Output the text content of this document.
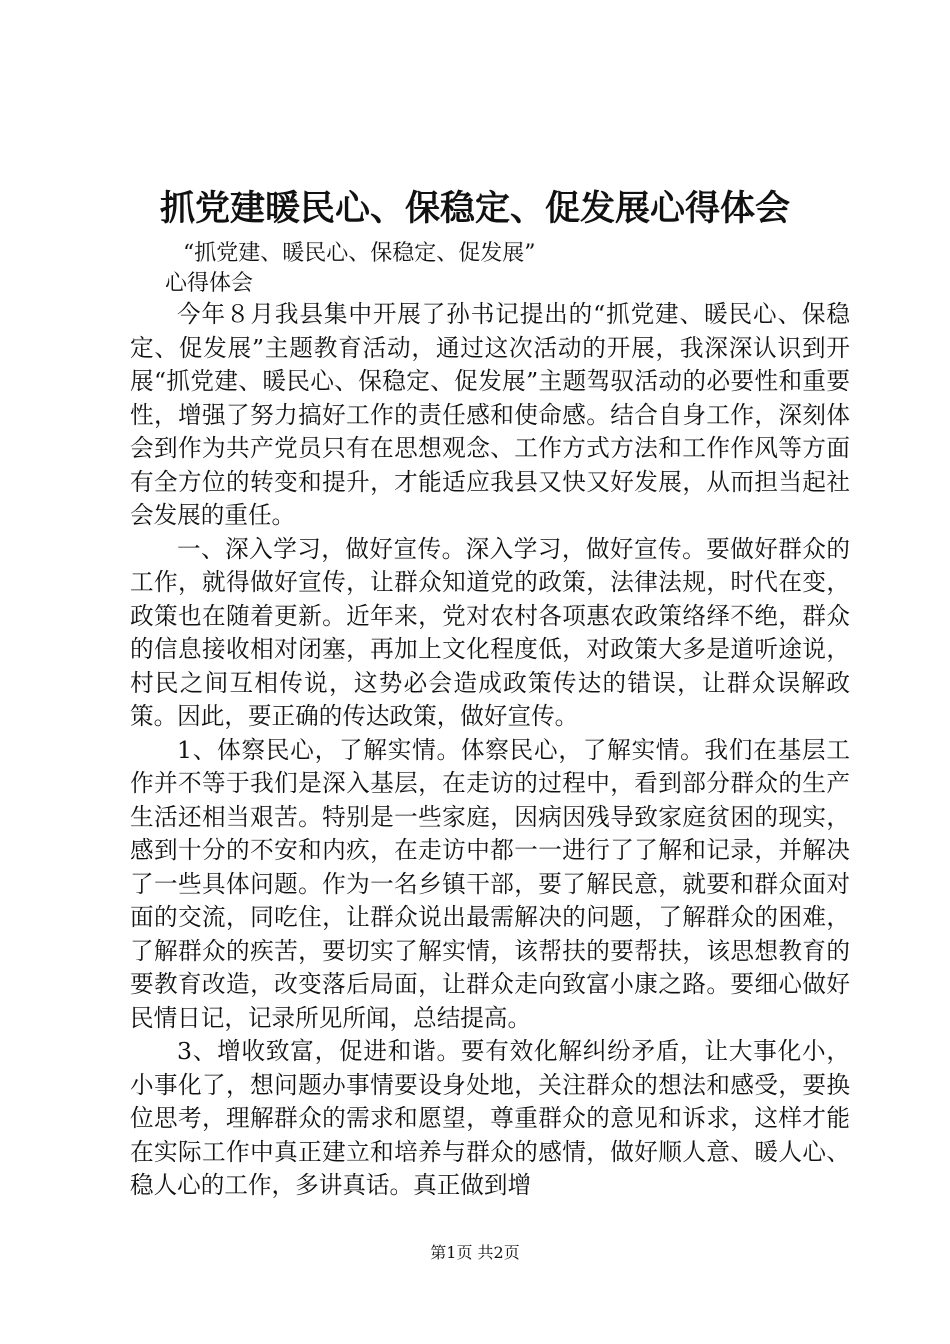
抓党建暖民心、保稳定、促发展心得体会
“抓党建、暖民心、保稳定、促发展”
心得体会

今年８月我县集中开展了孙书记提出的“抓党建、暖民心、保稳定、促发展”主题教育活动，通过这次活动的开展，我深深认识到开展“抓党建、暖民心、保稳定、促发展”主题驾驭活动的必要性和重要性，增强了努力搞好工作的责任感和使命感。结合自身工作，深刻体会到作为共产党员只有在思想观念、工作方式方法和工作作风等方面有全方位的转变和提升，才能适应我县又快又好发展，从而担当起社会发展的重任。

一、深入学习，做好宣传。深入学习，做好宣传。要做好群众的工作，就得做好宣传，让群众知道党的政策，法律法规，时代在变，政策也在随着更新。近年来，党对农村各项惠农政策络绎不绝，群众的信息接收相对闭塞，再加上文化程度低，对政策大多是道听途说，村民之间互相传说，这势必会造成政策传达的错误，让群众误解政策。因此，要正确的传达政策，做好宣传。

1、体察民心，了解实情。体察民心，了解实情。我们在基层工作并不等于我们是深入基层，在走访的过程中，看到部分群众的生产生活还相当艰苦。特别是一些家庭，因病因残导致家庭贫困的现实，感到十分的不安和内疚，在走访中都一一进行了了解和记录，并解决了一些具体问题。作为一名乡镇干部，要了解民意，就要和群众面对面的交流，同吃住，让群众说出最需解决的问题，了解群众的困难，了解群众的疾苦，要切实了解实情，该帮扶的要帮扶，该思想教育的要教育改造，改变落后局面，让群众走向致富小康之路。要细心做好民情日记，记录所见所闻，总结提高。

3、增收致富，促进和谐。要有效化解纠纷矛盾，让大事化小，小事化了，想问题办事情要设身处地，关注群众的想法和感受，要换位思考，理解群众的需求和愿望，尊重群众的意见和诉求，这样才能在实际工作中真正建立和培养与群众的感情，做好顺人意、暖人心、稳人心的工作，多讲真话。真正做到增

第1页 共2页
